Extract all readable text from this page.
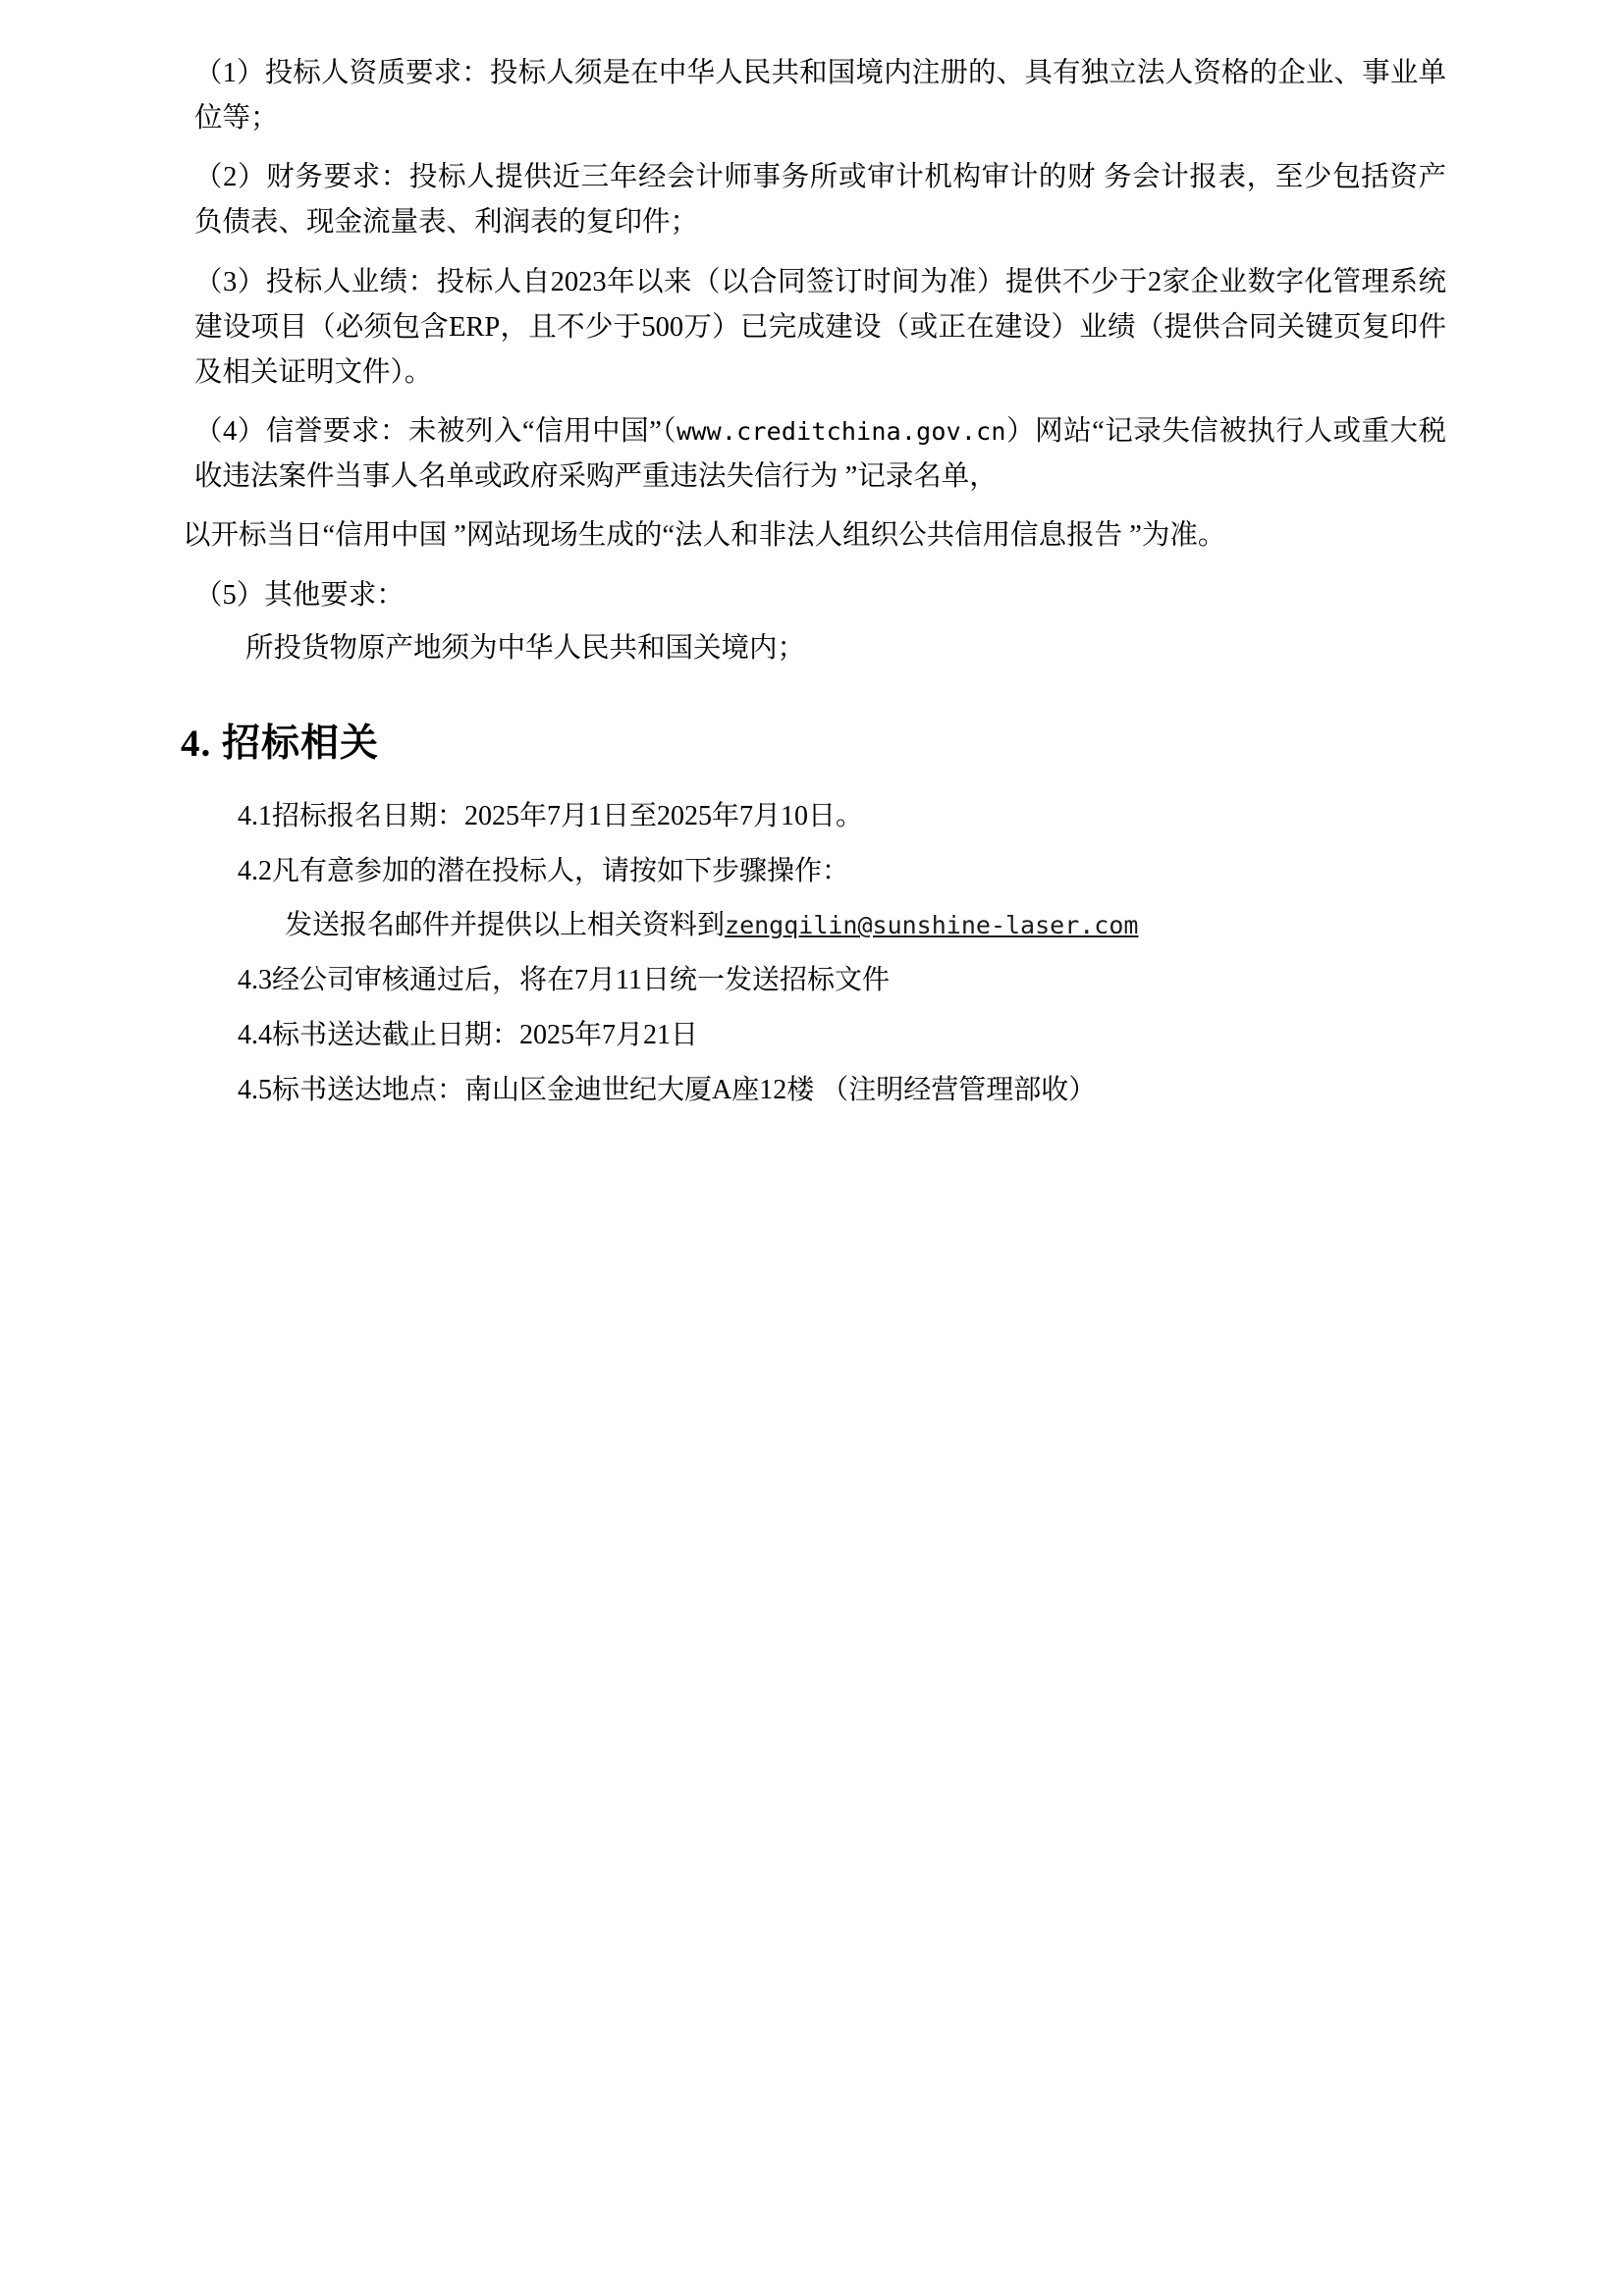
（1）投标人资质要求：投标人须是在中华人民共和国境内注册的、具有独立法人资格的企业、事业单位等；

（2）财务要求：投标人提供近三年经会计师事务所或审计机构审计的财 务会计报表，至少包括资产负债表、现金流量表、利润表的复印件；

（3）投标人业绩：投标人自2023年以来（以合同签订时间为准）提供不少于2家企业数字化管理系统建设项目（必须包含ERP，且不少于500万）已完成建设（或正在建设）业绩（提供合同关键页复印件及相关证明文件）。

（4）信誉要求：未被列入“信用中国”（www.creditchina.gov.cn）网站“记录失信被执行人或重大税收违法案件当事人名单或政府采购严重违法失信行为 ”记录名单，

以开标当日“信用中国 ”网站现场生成的“法人和非法人组织公共信用信息报告 ”为准。

（5）其他要求：

所投货物原产地须为中华人民共和国关境内；

4. 招标相关

4.1招标报名日期：2025年7月1日至2025年7月10日。

4.2凡有意参加的潜在投标人，请按如下步骤操作：

发送报名邮件并提供以上相关资料到zengqilin@sunshine-laser.com

4.3经公司审核通过后，将在7月11日统一发送招标文件

4.4标书送达截止日期：2025年7月21日

4.5标书送达地点：南山区金迪世纪大厦A座12楼 （注明经营管理部收）
